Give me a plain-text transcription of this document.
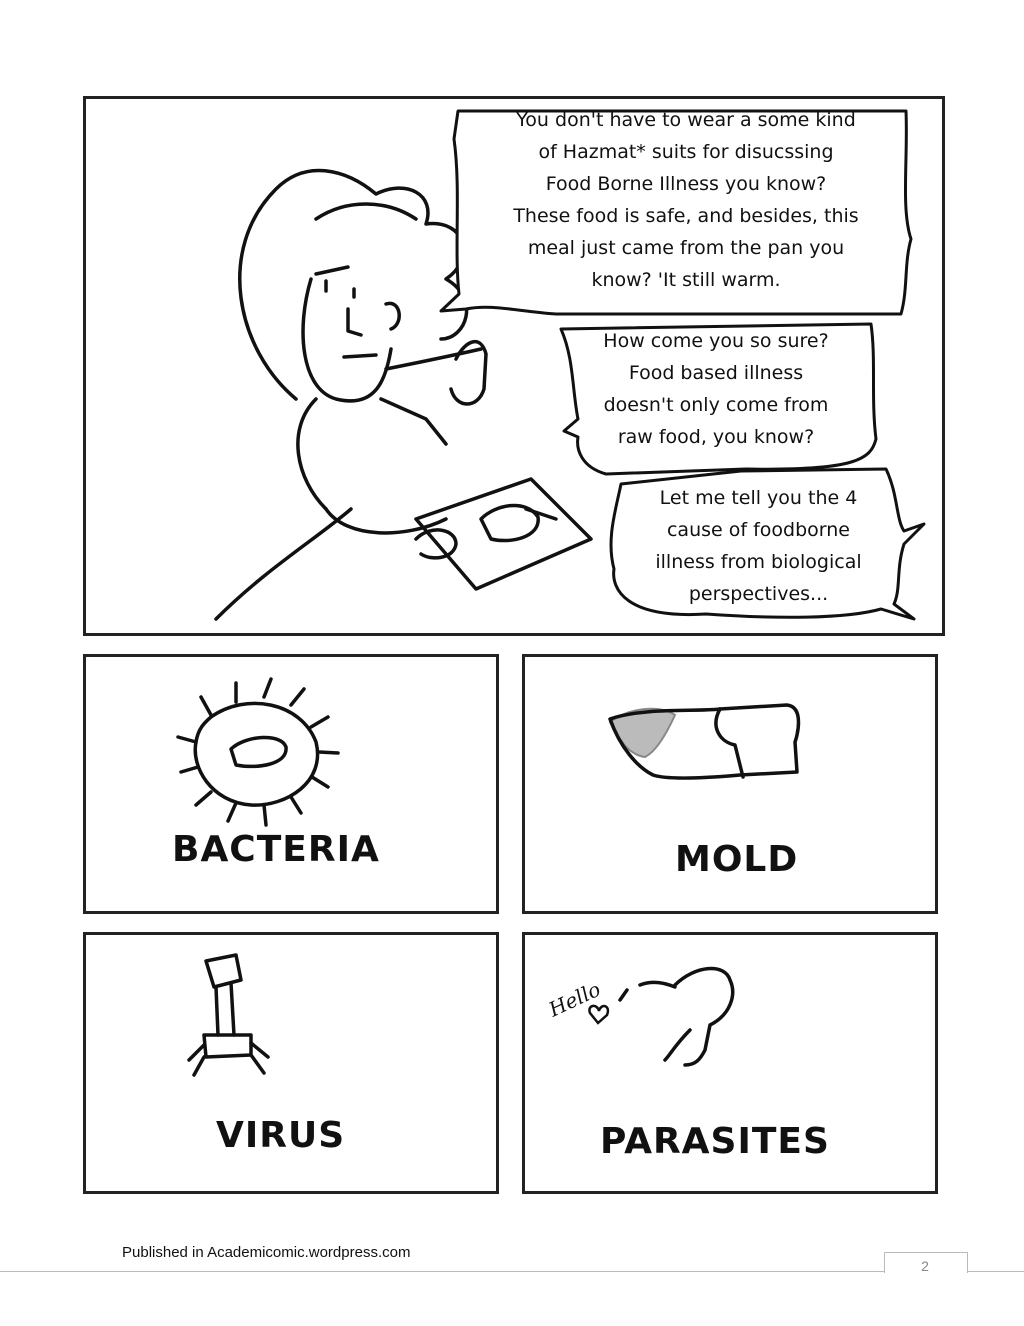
You don't have to wear a some kind
of Hazmat* suits for disucssing
Food Borne Illness you know?
These food is safe, and besides, this
meal just came from the pan you
know? 'It still warm.
How come you so sure?
Food based illness
doesn't only come from
raw food, you know?
Let me tell you the 4
cause of foodborne
illness from biological
perspectives...
BACTERIA	MOLD
VIRUS
Hello
PARASITES
Published in Academicomic.wordpress.com
2
